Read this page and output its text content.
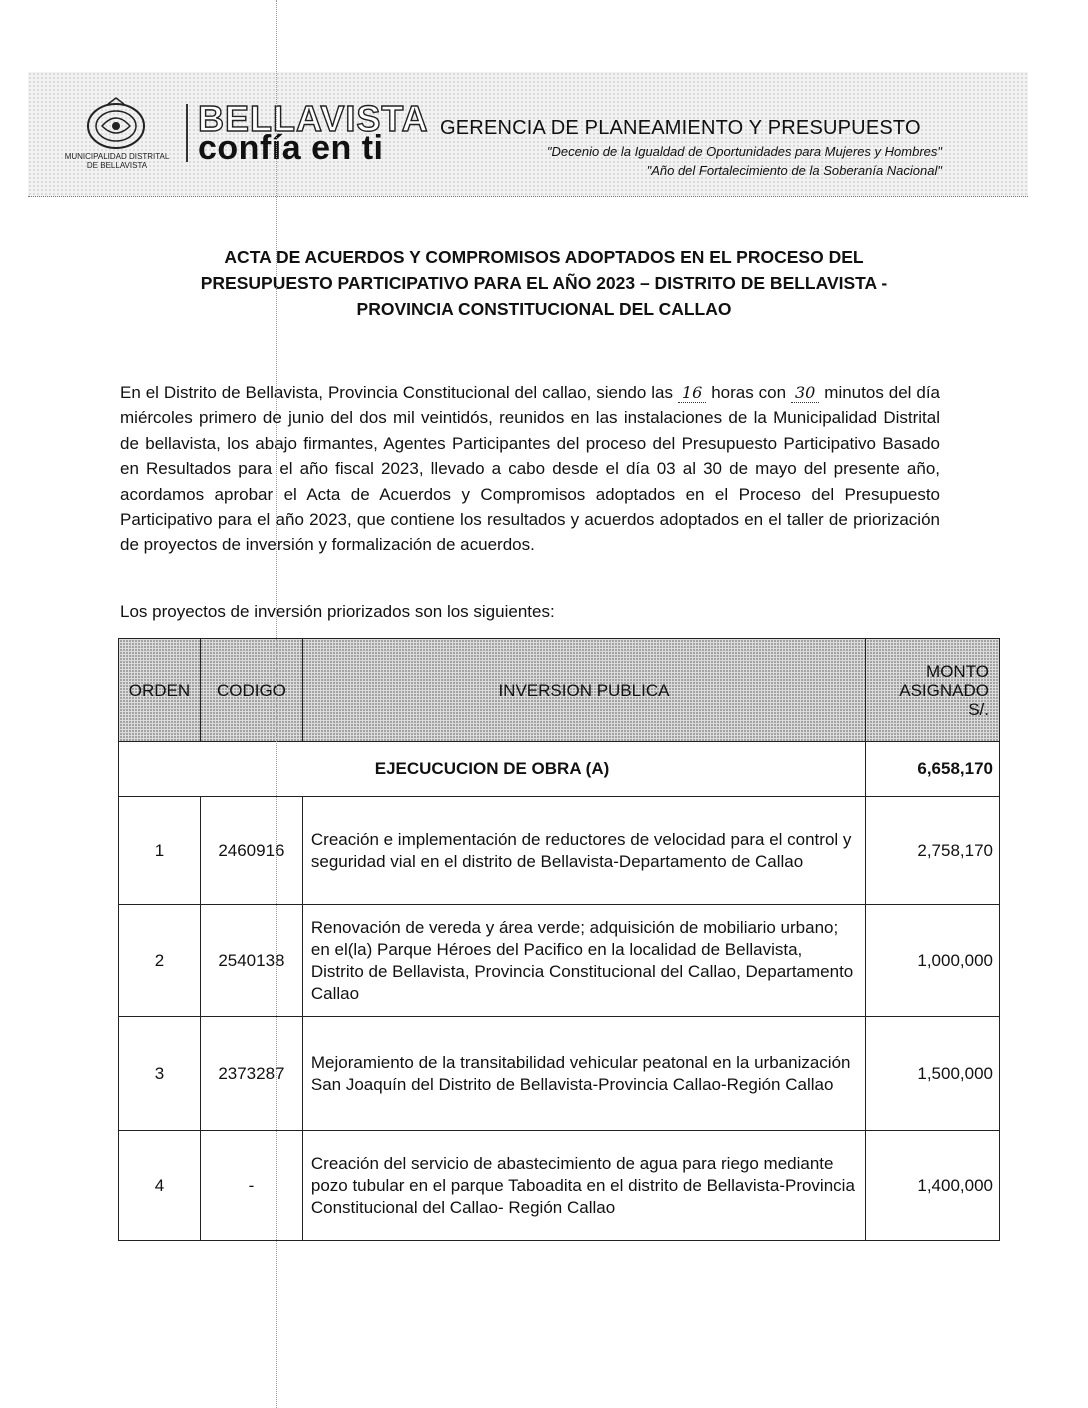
MUNICIPALIDAD DISTRITAL
DE BELLAVISTA
BELLAVISTA
confía en ti
GERENCIA DE PLANEAMIENTO Y PRESUPUESTO
"Decenio de la Igualdad de Oportunidades para Mujeres y Hombres"
"Año del Fortalecimiento de la Soberanía Nacional"
ACTA DE ACUERDOS Y COMPROMISOS ADOPTADOS EN EL PROCESO DEL
PRESUPUESTO PARTICIPATIVO PARA EL AÑO 2023 – DISTRITO DE BELLAVISTA -
PROVINCIA CONSTITUCIONAL DEL CALLAO
En el Distrito de Bellavista, Provincia Constitucional del callao, siendo las 16 horas con 30 minutos del día miércoles primero de junio del dos mil veintidós, reunidos en las instalaciones de la Municipalidad Distrital de bellavista, los abajo firmantes, Agentes Participantes del proceso del Presupuesto Participativo Basado en Resultados para el año fiscal 2023, llevado a cabo desde el día 03 al 30 de mayo del presente año, acordamos aprobar el Acta de Acuerdos y Compromisos adoptados en el Proceso del Presupuesto Participativo para el año 2023, que contiene los resultados y acuerdos adoptados en el taller de priorización de proyectos de inversión y formalización de acuerdos.
Los proyectos de inversión priorizados son los siguientes:
ORDEN	CODIGO	INVERSION PUBLICA	MONTO
ASIGNADO
S/.

EJECUCUCION DE OBRA (A)			6,658,170
1	2460916	Creación e implementación de reductores de velocidad para el control y seguridad vial en el distrito de Bellavista-Departamento de Callao	2,758,170
2	2540138	Renovación de vereda y área verde; adquisición de mobiliario urbano; en el(la) Parque Héroes del Pacifico en la localidad de Bellavista, Distrito de Bellavista, Provincia Constitucional del Callao, Departamento Callao	1,000,000
3	2373287	Mejoramiento de la transitabilidad vehicular peatonal en la urbanización San Joaquín del Distrito de Bellavista-Provincia Callao-Región Callao	1,500,000
4	-	Creación del servicio de abastecimiento de agua para riego mediante pozo tubular en el parque Taboadita en el distrito de Bellavista-Provincia Constitucional del Callao- Región Callao	1,400,000
